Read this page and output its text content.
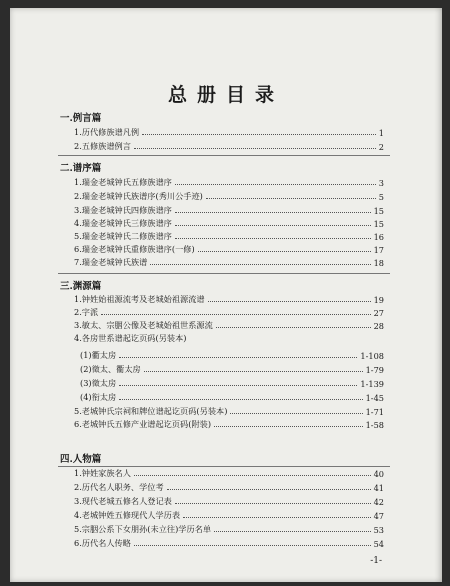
总册目录
一.例言篇
1.历代修族谱凡例	1
2.五修族谱例言	2
二.谱序篇
1.瑞金老城钟氏五修族谱序	3
2.瑞金老城钟氏族谱序(秀川公手迹)	5
3.瑞金老城钟氏四修族谱序	15
4.瑞金老城钟氏三修族谱序	15
5.瑞金老城钟氏二修族谱序	16
6.瑞金老城钟氏重修族谱序(一修)	17
7.瑞金老城钟氏族谱	18
三.渊源篇
1.钟姓始祖源流考及老城始祖源流谱	19
2.字派	27
3.敏太、宗胭公像及老城始祖世系源流	28
4.各房世系谱起讫页码(另装本)
(1)衢太房	1-108
(2)徵太、衢太房	1-79
(3)徵太房	1-139
(4)衔太房	1-45
5.老城钟氏宗祠和牌位谱起讫页码(另装本)	1-71
6.老城钟氏五修产业谱起讫页码(附装)	1-58
四.人物篇
1.钟姓家族名人	40
2.历代名人职务、学位考	41
3.现代老城五修名人登记表	42
4.老城钟姓五修现代人学历表	47
5.宗胭公系下女朋孙(未立往)学历名单	53
6.历代名人传略	54
-1-
